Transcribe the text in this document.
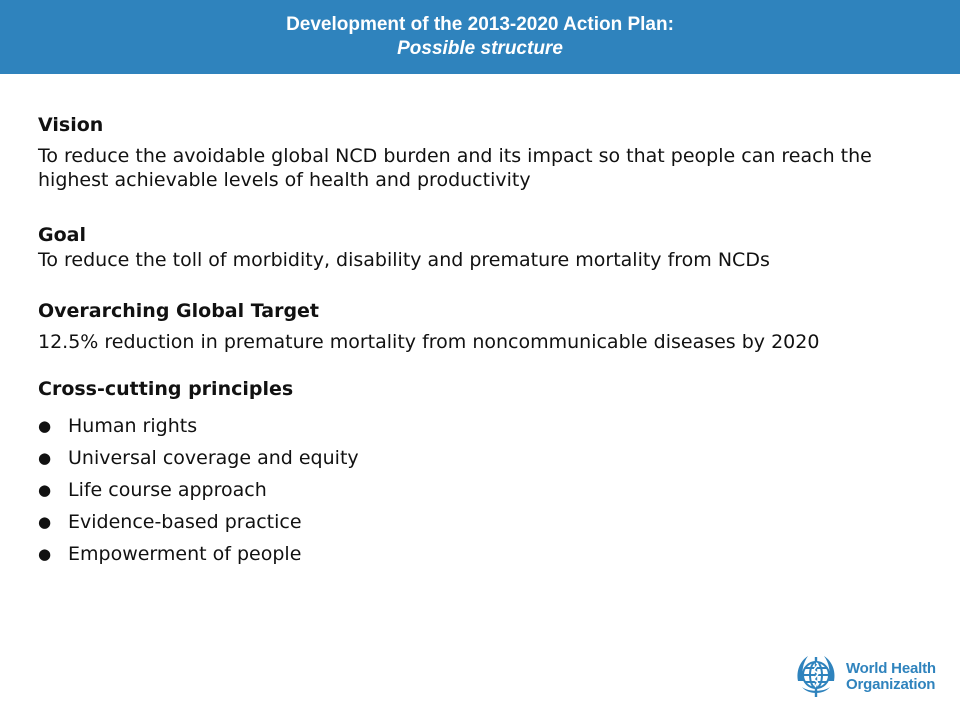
Development of the 2013-2020 Action Plan:
Possible structure
Vision
To reduce the avoidable global NCD burden and its impact so that people can reach the highest achievable levels of health and productivity
Goal
To reduce the toll of morbidity, disability and premature mortality from NCDs
Overarching Global Target
12.5% reduction in premature mortality from noncommunicable diseases by 2020
Cross-cutting principles
● Human rights
● Universal coverage and equity
● Life course approach
● Evidence-based practice
● Empowerment of people
World Health
Organization
